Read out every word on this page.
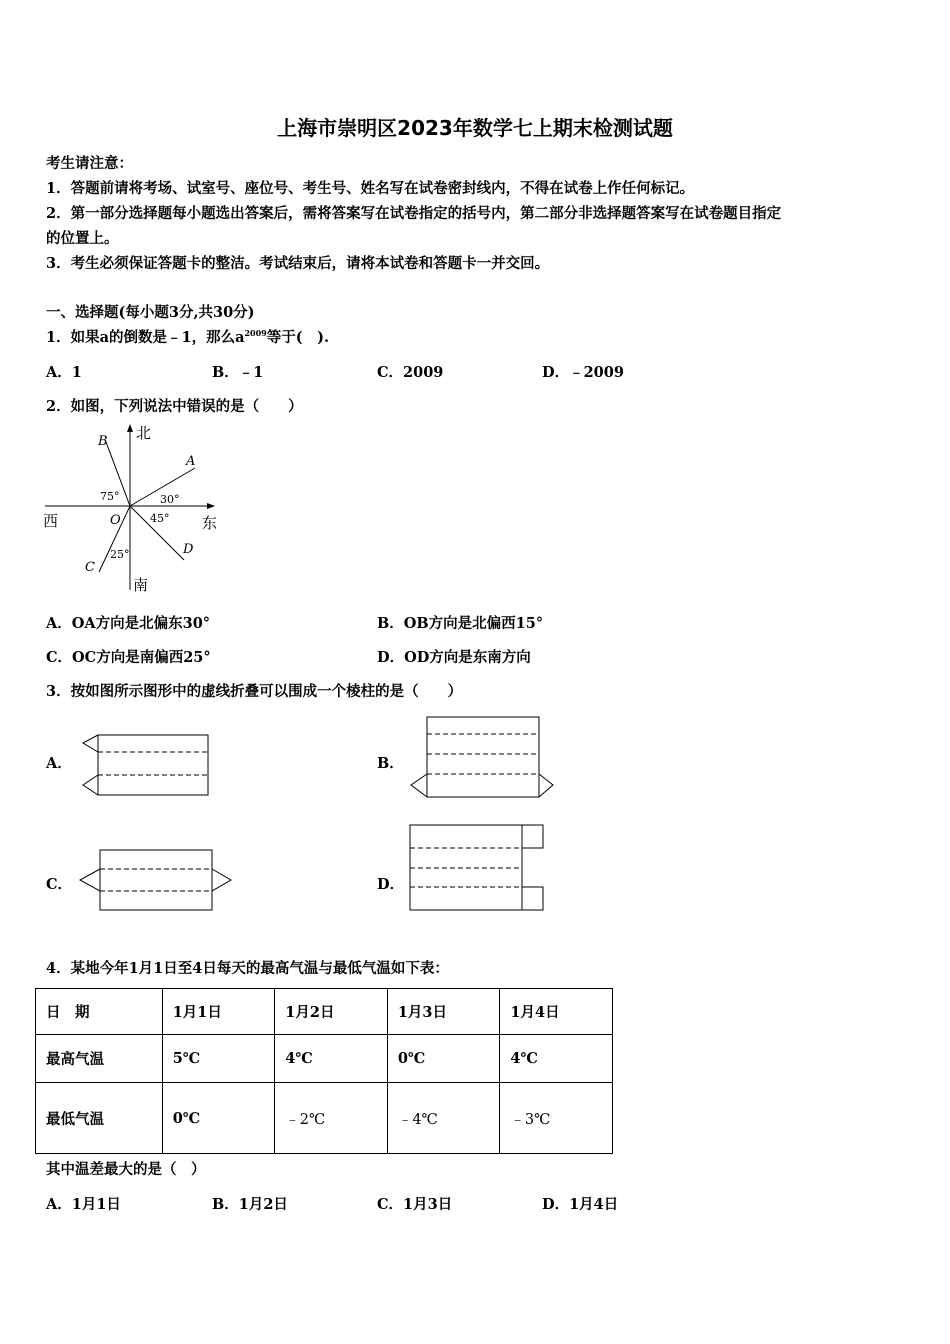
上海市崇明区2023年数学七上期末检测试题
考生请注意：
1．答题前请将考场、试室号、座位号、考生号、姓名写在试卷密封线内，不得在试卷上作任何标记。
2．第一部分选择题每小题选出答案后，需将答案写在试卷指定的括号内，第二部分非选择题答案写在试卷题目指定
的位置上。
3．考生必须保证答题卡的整洁。考试结束后，请将本试卷和答题卡一并交回。
一、选择题(每小题3分,共30分)
1．如果a的倒数是﹣1，那么$a^{2009}$等于(　).
A．1	B．﹣1	C．2009	D．﹣2009
2．如图，下列说法中错误的是（　　）
B
A
D
C
O
75°	30°
45°
25°
北
南
西	东
A．OA方向是北偏东30°	B．OB方向是北偏西15°
C．OC方向是南偏西25°	D．OD方向是东南方向
3．按如图所示图形中的虚线折叠可以围成一个棱柱的是（　　）
A．	B．
C．	D．
4．某地今年1月1日至4日每天的最高气温与最低气温如下表：
日　期	1月1日	1月2日	1月3日	1月4日
最高气温	5℃	4℃	0℃	4℃
最低气温	0℃	﹣2℃	﹣4℃	﹣3℃
其中温差最大的是（　）
A．1月1日	B．1月2日	C．1月3日	D．1月4日
